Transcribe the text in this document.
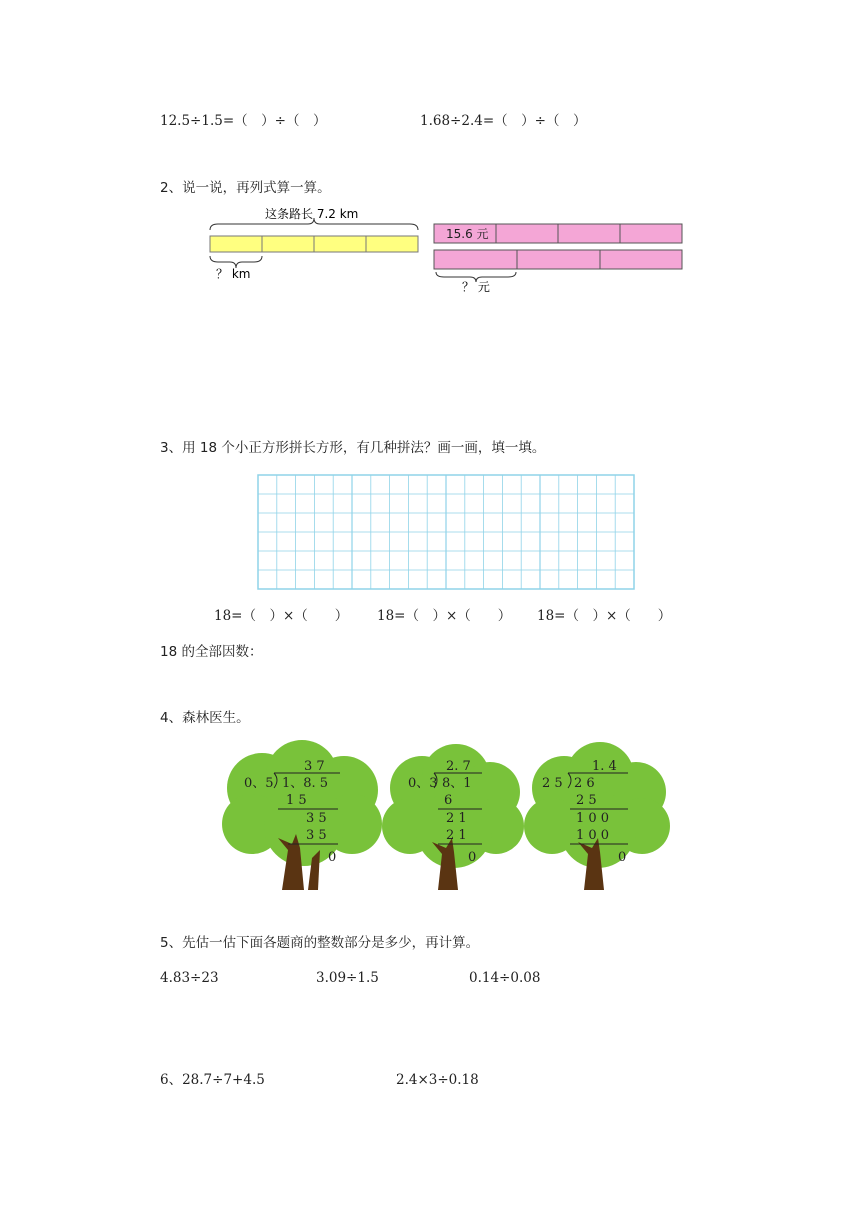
12.5÷1.5=（　）÷（　）	1.68÷2.4=（　）÷（　）
2、说一说，再列式算一算。
这条路长 7.2 km
？ km
15.6 元
？ 元
3、用 18 个小正方形拼长方形，有几种拼法？画一画，填一填。
18=（　）×（　　） 18=（　）×（　　） 18=（　）×（　　）
18 的全部因数：
4、森林医生。
3 7
0、5 1、8. 5
1 5
3 5
3 5
0
2. 7
0、3 8、1
6
2 1
2 1
0
1. 4
2 5 2 6
2 5
1 0 0
1 0 0
0
5、先估一估下面各题商的整数部分是多少，再计算。
4.83÷23	3.09÷1.5	0.14÷0.08
6、28.7÷7+4.5	2.4×3÷0.18
